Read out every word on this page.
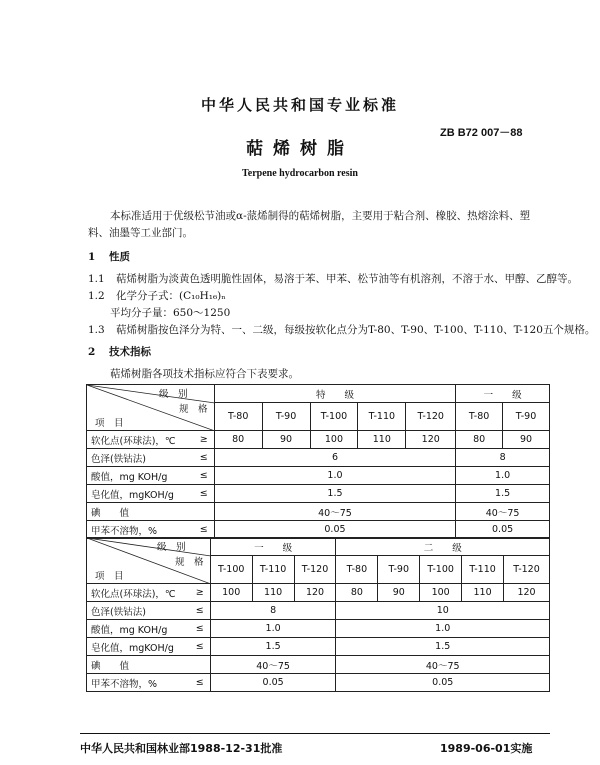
中华人民共和国专业标准
ZB B72 007－88
萜烯树脂
Terpene hydrocarbon resin

本标准适用于优级松节油或α-蒎烯制得的萜烯树脂，主要用于粘合剂、橡胶、热熔涂料、塑料、油墨等工业部门。

1 性质
1.1 萜烯树脂为淡黄色透明脆性固体，易溶于苯、甲苯、松节油等有机溶剂，不溶于水、甲醇、乙醇等。
1.2 化学分子式：(C₁₀H₁₆)ₙ
平均分子量：650～1250
1.3 萜烯树脂按色泽分为特、一、二级，每级按软化点分为T-80、T-90、T-100、T-110、T-120五个规格。
2 技术指标
萜烯树脂各项技术指标应符合下表要求。
级　别
规　格
项　目		特　　级					一　　级	
		T-80	T-90	T-100	T-110	T-120	T-80	T-90
软化点(环球法)，℃	≥	80	90	100	110	120	80	90
色泽(铁钴法)	≤	6					8	
酸值，mg KOH/g	≤	1.0					1.0	
皂化值，mgKOH/g	≤	1.5					1.5	
碘　　值		40～75					40～75	
甲苯不溶物，%	≤	0.05					0.05	
级　别
规　格
项　目		一　　级			二　　级				
		T-100	T-110	T-120	T-80	T-90	T-100	T-110	T-120
软化点(环球法)，℃	≥	100	110	120	80	90	100	110	120
色泽(铁钴法)	≤	8			10				
酸值，mg KOH/g	≤	1.0			1.0				
皂化值，mgKOH/g	≤	1.5			1.5				
碘　　值		40～75			40～75				
甲苯不溶物，%	≤	0.05			0.05				
中华人民共和国林业部1988-12-31批准	1989-06-01实施
